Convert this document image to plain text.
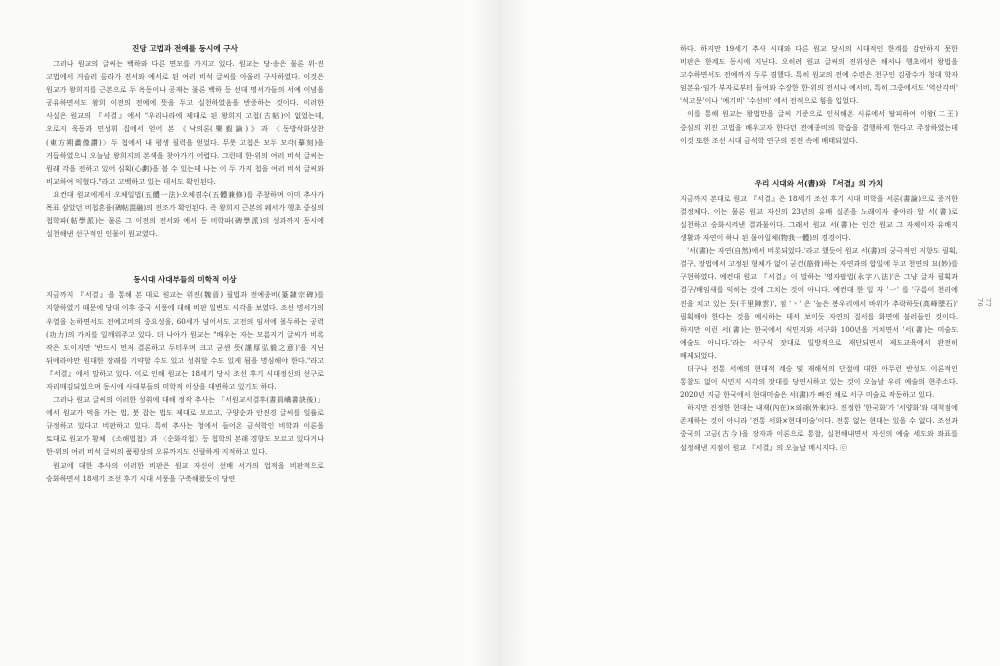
진당 고법과 전예를 동시에 구사

그러나 원교의 글씨는 백하와 다른 면모를 가지고 있다. 원교는 당·송은 물론 위·진 고법에서 거슬러 올라가 전서와 예서로 된 여러 비석 글씨를 아울러 구사하였다. 이것은 원교가 왕희지를 근본으로 두 옥동이나 공재는 물론 백하 등 선대 명서가들의 서예 이념을 공유하면서도 왕희 이전의 전예에 뜻을 두고 실천하였음을 반증하는 것이다. 이러한 사실은 원교의 『서결』에서 "우리나라에 제대로 된 왕희지 고첩(古帖)이 없었는데, 오로지 욱동과 민성휘 집에서 얻어 본 《낙의론(樂毅論)》과 〈동방삭화상찬(東方朔畵像讚)〉두 첩에서 내 평생 필력을 얻었다. 무릇 고첩은 모두 모각(摹刻)을 거듭하였으니 오늘날 왕희지의 본색을 찾아가기 어렵다. 그런데 한·위의 여러 비석 글씨는 원래 각을 전하고 있어 심획(心劃)을 볼 수 있는데 나는 이 두 가지 첩을 여러 비석 글씨와 비교하여 익혔다."라고 고백하고 있는 데서도 확인된다.

요컨대 원교에게서 오체일법(五體一法)·오체겸수(五體兼修)를 주창하며 이미 추사가 목표 삼았던 비첩혼융(碑帖混融)의 전조가 확인된다. 즉 왕희지 근본의 웨서가 행초 중심의 첩학파(帖學派)는 물론 그 이전의 전서와 예서 등 비학파(碑學派)의 성과까지 동시에 실천해낸 선구적인 인물이 원교였다.

동시대 사대부들의 미학적 이상

지금까지 『서결』을 통해 본 대로 원교는 위진(魏晉) 필법과 전예종비(篆隷宗碑)를 지향하였기 때문에 당대 이후 중국 서풍에 대해 비판 일변도 시각을 보였다. 조선 명서가의 우열을 논하면서도 전예고비의 중요성을, 60세가 넘어서도 고전의 임서에 몰두하는 공력(功力)의 가치를 일깨워주고 있다. 더 나아가 원교는 "배우는 자는 모름지기 글씨가 비록 작은 도이지만 '반드시 먼저 결론하고 두터우며 크고 굳센 뜻(謹厚弘毅之意)'을 지닌 뒤에라야만 원대한 장래를 기약할 수도 있고 성취할 수도 있게 됨을 명심해야 한다."라고 『서결』에서 말하고 있다. 이로 인해 원교는 18세기 당시 조선 후기 시대정신의 선구로 자리매김되었으며 동시에 사대부들의 미학적 이상을 대변하고 있기도 하다.

그러나 원교 글씨의 이러한 성취에 대해 정작 추사는 「서원교서결후(書員嶠書訣後)」에서 원교가 먹을 가는 법, 붓 잡는 법도 제대로 모르고, 구양순과 안진경 글씨를 일률로 규정하고 있다고 비판하고 있다. 특히 추사는 청에서 들어온 금석학인 비학과 이론을 토대로 원교가 황체 《소해법첩》과 〈순화각첩〉등 첩학의 본래 경향도 모르고 있다거나 한·위의 여러 비석 글씨의 품평상의 오류까지도 신랄하게 지적하고 있다.

원교에 대한 추사의 이러한 비판은 원교 자신이 선배 서가의 업적을 비판적으로 승화하면서 18세기 조선 후기 시대 서풍을 구축해왔듯이 당연

하다. 하지만 19세기 추사 시대와 다른 원교 당시의 시대적인 한계를 감안하지 못한 비판은 한계도 동시에 지닌다. 오히려 원교 글씨의 전위성은 해서나 행초에서 왕법을 고수하면서도 전예까지 두루 겸했다. 특히 원교의 전예 수련은 천구인 김광수가 청대 학자 임본유·임가 부자로부터 들여와 수장한 한·위의 전서나 예서비, 특히 그중에서도 '역산각비' '석고문'이나 '예기비' '수선비' 에서 전적으로 힘을 입었다.

이를 통해 원교는 왕법만을 글씨 기준으로 인식해온 시류에서 탈피하여 이왕(二王) 중심의 위진 고법을 배우고자 한다던 전예종비의 학습을 결행하게 한다고 주장하였는데 이것 또한 조선 시대 금석학 연구의 진전 속에 배태되었다.

우리 시대와 서(書)와 『서결』의 가치

지금까지 본대로 원교 『서결』은 18세기 조선 후기 시대 미학을 서론(書論)으로 증거한 결정체다. 이는 물론 원교 자신의 23년의 유배 실존을 노래이자 좋아라 할 서(書)로 실천하고 승화시켜낸 결과물이다. 그래서 원교 서(書)는 인간 원교 그 자체이자 유배지 생활과 자연이 하나 된 물아일체(物我一體)의 경경이다.

'서(書)는 자연(自然)에서 비롯되었다.'라고 했듯이 원교 서(書)의 궁극적인 지향도 필획, 결구, 장법에서 고정된 형체가 없이 굳건(筋骨)하는 자연과의 합일에 두고 천연의 묘(妙)를 구현하였다. 예컨대 원교 『서결』이 말하는 '영자팔법(永字八法)'은 그냥 글자 필획과 결구/배임새를 익히는 것에 그치는 것이 아니다. 예컨대 한 일 자 '一' 를 '구름이 천리에 진을 치고 있는 듯(千里陣雲)', 점 '丶' 은 '높은 봉우리에서 바위가 추락하듯(高峰墜石)' 필획해야 한다는 것을 예시하는 데서 보이듯 자연의 질서를 화면에 불러들인 것이다. 하지만 이런 서(書)는 한국에서 식민지와 서구화 100년을 거치면서 '서(書)는 미술도 예술도 아니다.'라는 서구식 잣대로 일방적으로 재단되면서 제도교육에서 완전히 배제되었다.

더구나 전통 서예의 현대적 계승 및 재해석의 단절에 대한 아무런 반성도 이론적인 통찰도 없이 식민지 시각의 잣대를 당연시하고 있는 것이 오늘날 우리 예술의 현주소다. 2020년 지금 한국에서 현대미술은 서(書)가 빠진 채로 서구 미술로 작동하고 있다.

하지만 진정한 현대는 내재(內在)×외래(外來)다. 진정한 '한국화'가 '서양화'와 대척점에 존재하는 것이 아니라 '전통 서화×현대미술'이다. 전통 없는 현대는 있을 수 없다. 조선과 중국의 고금(古今)을 장자과 이론으로 통찰, 실천해내면서 자신의 예술 세도와 좌표를 설정해낸 지점이 원교 『서결』의 오늘날 메시지다. ⓒ

76 77
